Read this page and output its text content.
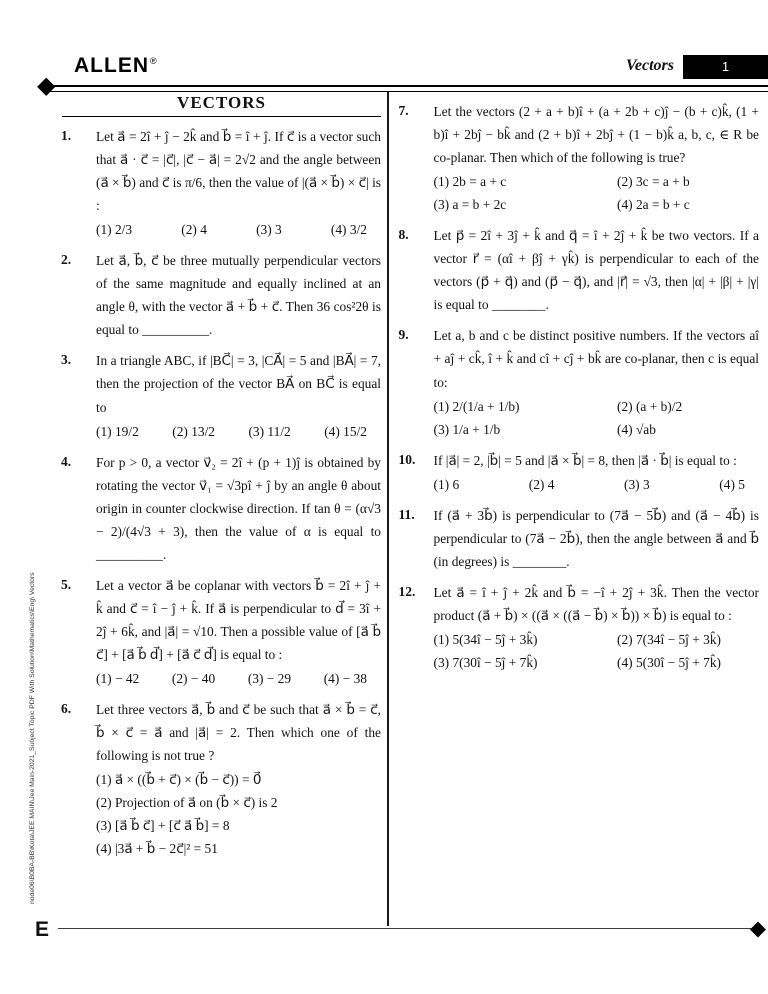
◆
ALLEN®	Vectors	1
node06\B0BA-BB\Kota\JEE MAIN\Jee Main-2021_Subject Topic PDF With Solution\Mathematics\Eng\ Vectors
VECTORS
1.	Let a⃗ = 2î + ĵ − 2k̂ and b⃗ = î + ĵ. If c⃗ is a vector such that a⃗ · c⃗ = |c⃗|, |c⃗ − a⃗| = 2√2 and the angle between (a⃗ × b⃗) and c⃗ is π/6, then the value of |(a⃗ × b⃗) × c⃗| is :
(1) 2/3	(2) 4	(3) 3	(4) 3/2
2.	Let a⃗, b⃗, c⃗ be three mutually perpendicular vectors of the same magnitude and equally inclined at an angle θ, with the vector a⃗ + b⃗ + c⃗. Then 36 cos²2θ is equal to __________.
3.	In a triangle ABC, if |BC⃗| = 3, |CA⃗| = 5 and |BA⃗| = 7, then the projection of the vector BA⃗ on BC⃗ is equal to
(1) 19/2 (2) 13/2 (3) 11/2 (4) 15/2
4.	For p > 0, a vector v⃗₂ = 2î + (p + 1)ĵ is obtained by rotating the vector v⃗₁ = √3pî + ĵ by an angle θ about origin in counter clockwise direction. If tan θ = (α√3 − 2)/(4√3 + 3), then the value of α is equal to __________.
5.	Let a vector a⃗ be coplanar with vectors b⃗ = 2î + ĵ + k̂ and c⃗ = î − ĵ + k̂. If a⃗ is perpendicular to d⃗ = 3î + 2ĵ + 6k̂, and |a⃗| = √10. Then a possible value of [a⃗ b⃗ c⃗] + [a⃗ b⃗ d⃗] + [a⃗ c⃗ d⃗] is equal to :
(1) − 42 (2) − 40 (3) − 29 (4) − 38
6.	Let three vectors a⃗, b⃗ and c⃗ be such that a⃗ × b⃗ = c⃗, b⃗ × c⃗ = a⃗ and |a⃗| = 2. Then which one of the following is not true ?
(1) a⃗ × ((b⃗ + c⃗) × (b⃗ − c⃗)) = 0⃗
(2) Projection of a⃗ on (b⃗ × c⃗) is 2
(3) [a⃗ b⃗ c⃗] + [c⃗ a⃗ b⃗] = 8
(4) |3a⃗ + b⃗ − 2c⃗|² = 51
7.	Let the vectors (2 + a + b)î + (a + 2b + c)ĵ − (b + c)k̂, (1 + b)î + 2bĵ − bk̂ and (2 + b)î + 2bĵ + (1 − b)k̂ a, b, c, ∈ R be co-planar. Then which of the following is true?
(1) 2b = a + c	(2) 3c = a + b
(3) a = b + 2c	(4) 2a = b + c
8.	Let p⃗ = 2î + 3ĵ + k̂ and q⃗ = î + 2ĵ + k̂ be two vectors. If a vector r⃗ = (αî + βĵ + γk̂) is perpendicular to each of the vectors (p⃗ + q⃗) and (p⃗ − q⃗), and |r⃗| = √3, then |α| + |β| + |γ| is equal to ________.
9.	Let a, b and c be distinct positive numbers. If the vectors aî + aĵ + ck̂, î + k̂ and cî + cĵ + bk̂ are co-planar, then c is equal to:
(1) 2/(1/a + 1/b)	(2) (a + b)/2
(3) 1/a + 1/b	(4) √ab
10.	If |a⃗| = 2, |b⃗| = 5 and |a⃗ × b⃗| = 8, then |a⃗ · b⃗| is equal to :
(1) 6	(2) 4	(3) 3	(4) 5
11.	If (a⃗ + 3b⃗) is perpendicular to (7a⃗ − 5b⃗) and (a⃗ − 4b⃗) is perpendicular to (7a⃗ − 2b⃗), then the angle between a⃗ and b⃗ (in degrees) is ________.
12.	Let a⃗ = î + ĵ + 2k̂ and b⃗ = −î + 2ĵ + 3k̂. Then the vector product (a⃗ + b⃗) × ((a⃗ × ((a⃗ − b⃗) × b⃗)) × b⃗) is equal to :
(1) 5(34î − 5ĵ + 3k̂)	(2) 7(34î − 5ĵ + 3k̂)
(3) 7(30î − 5ĵ + 7k̂)	(4) 5(30î − 5ĵ + 7k̂)
E	◆
